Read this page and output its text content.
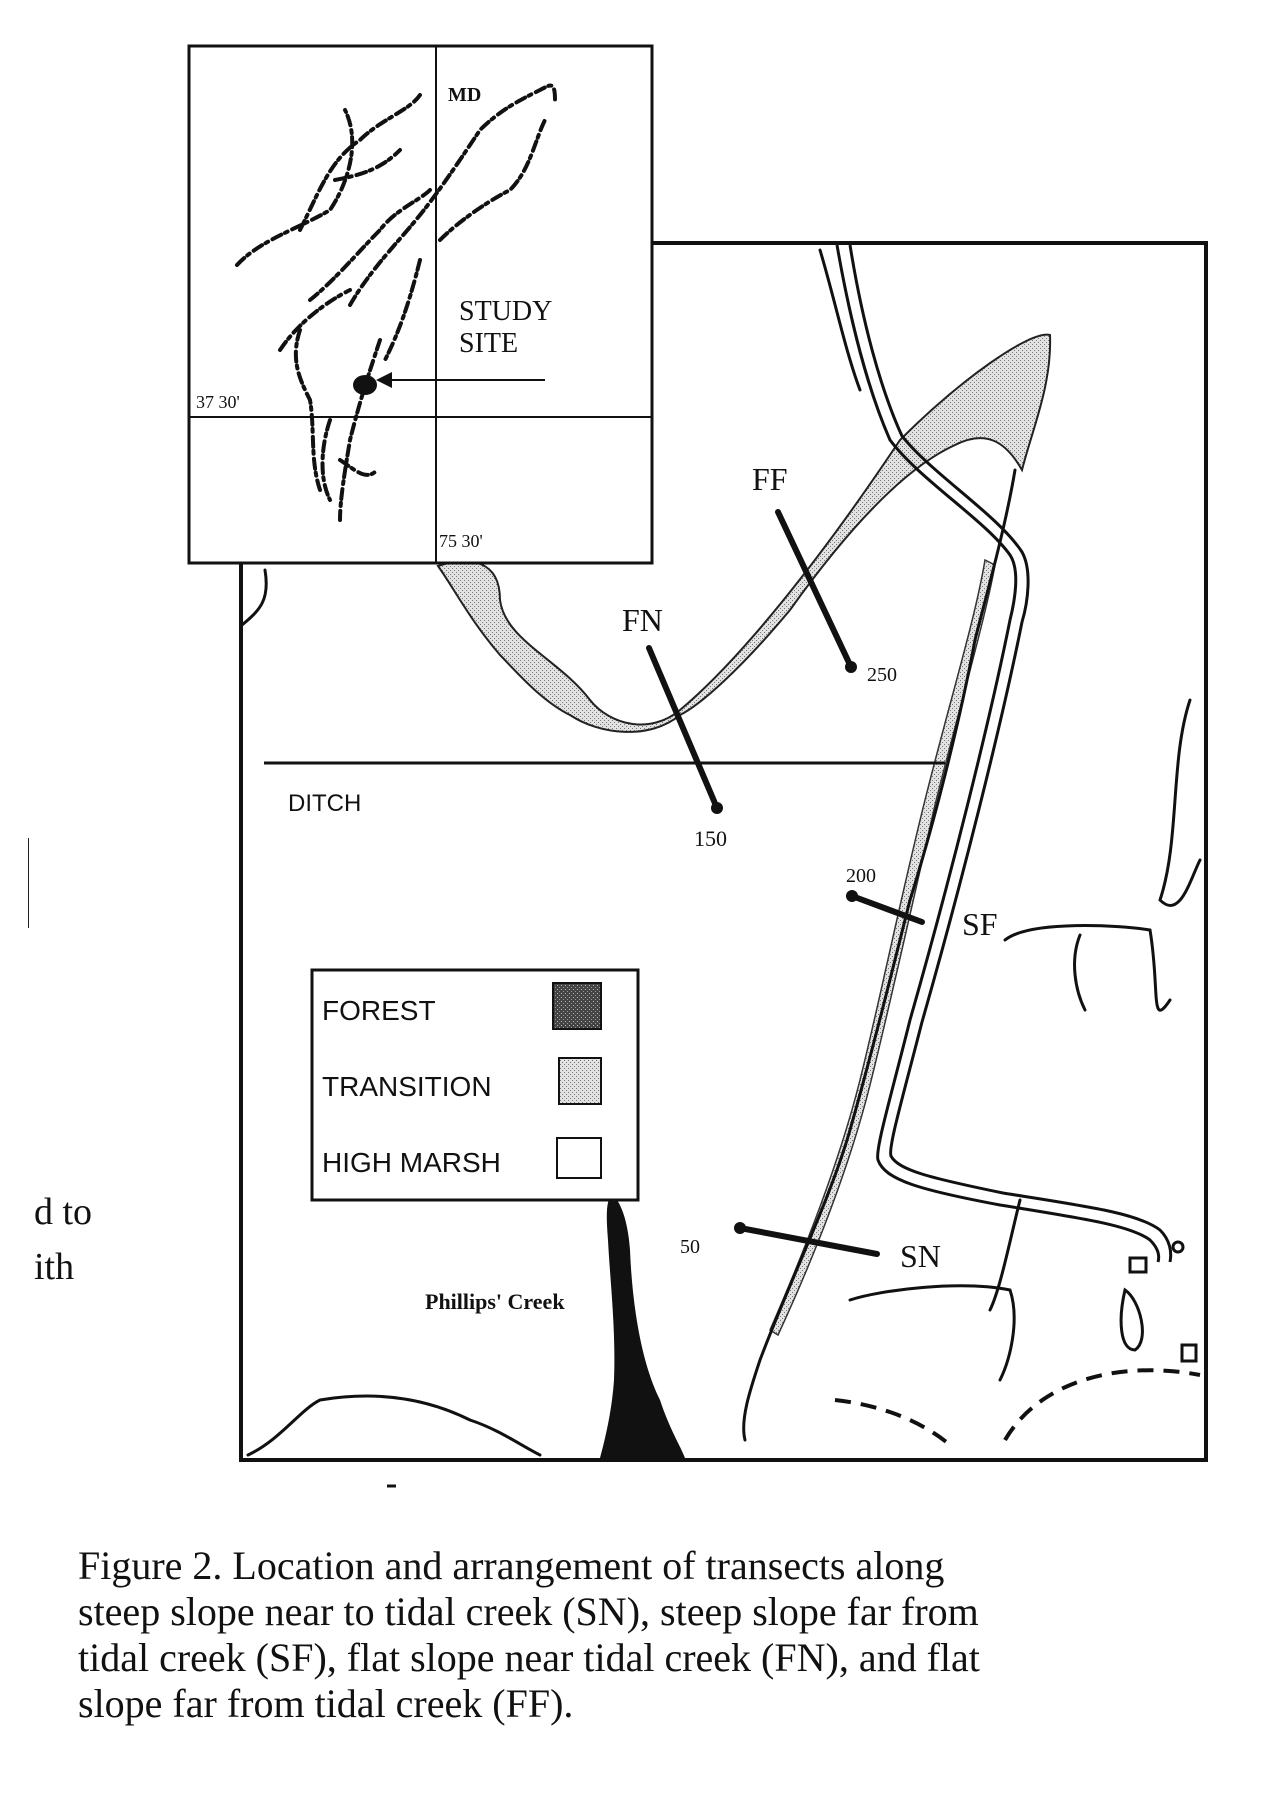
FF
250
FN
150
SF
200
SN
50
DITCH
Phillips' Creek
FOREST
TRANSITION
HIGH MARSH
MD
STUDY
SITE
37 30'
75 30'
d to
ith
Figure 2. Location and arrangement of transects along
steep slope near to tidal creek (SN), steep slope far from
tidal creek (SF), flat slope near tidal creek (FN), and flat
slope far from tidal creek (FF).
